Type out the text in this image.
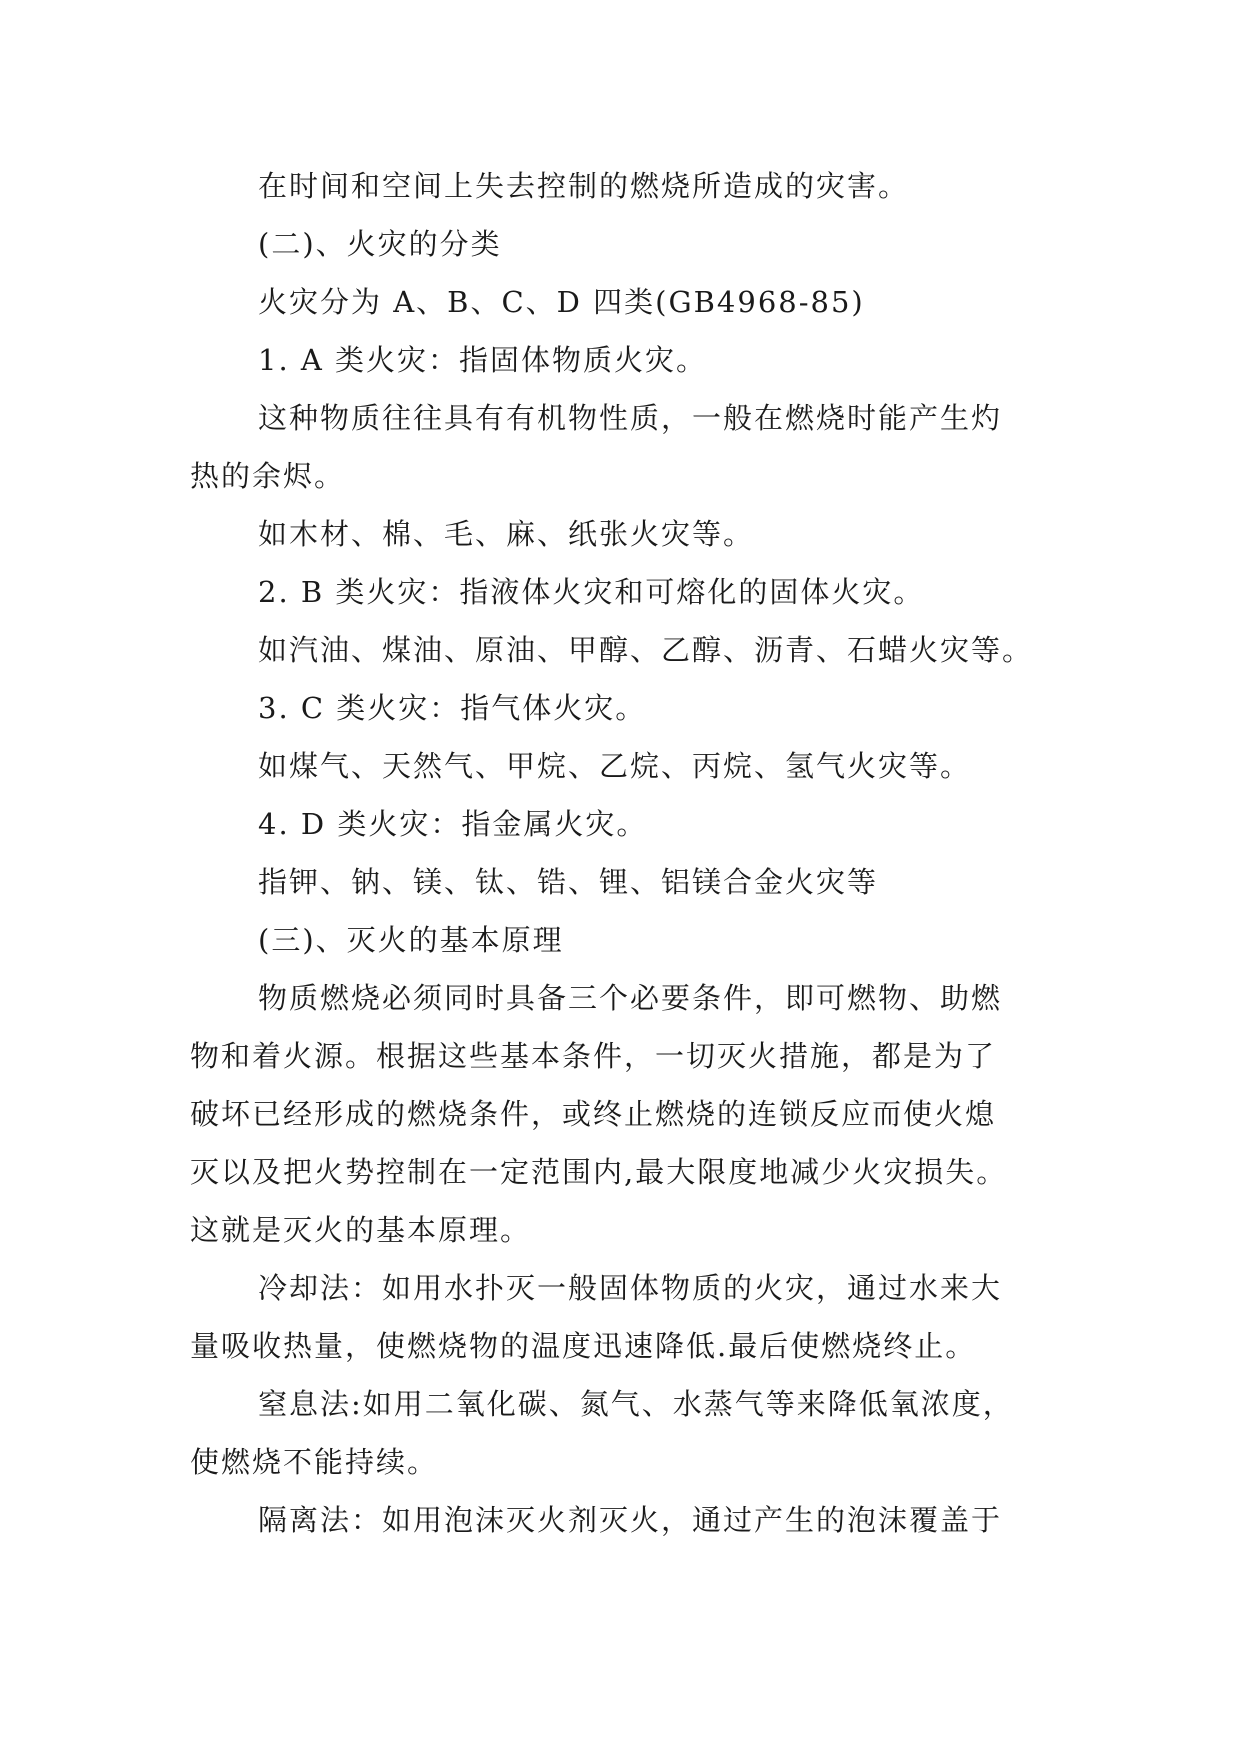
在时间和空间上失去控制的燃烧所造成的灾害。
(二)、火灾的分类
火灾分为 A、B、C、D 四类(GB4968-85)
1. A 类火灾：指固体物质火灾。
这种物质往往具有有机物性质，一般在燃烧时能产生灼
热的余烬。
如木材、棉、毛、麻、纸张火灾等。
2. B 类火灾：指液体火灾和可熔化的固体火灾。
如汽油、煤油、原油、甲醇、乙醇、沥青、石蜡火灾等。
3. C 类火灾：指气体火灾。
如煤气、天然气、甲烷、乙烷、丙烷、氢气火灾等。
4. D 类火灾：指金属火灾。
指钾、钠、镁、钛、锆、锂、铝镁合金火灾等
(三)、灭火的基本原理
物质燃烧必须同时具备三个必要条件，即可燃物、助燃
物和着火源。根据这些基本条件，一切灭火措施，都是为了
破坏已经形成的燃烧条件，或终止燃烧的连锁反应而使火熄
灭以及把火势控制在一定范围内,最大限度地减少火灾损失。
这就是灭火的基本原理。
冷却法：如用水扑灭一般固体物质的火灾，通过水来大
量吸收热量，使燃烧物的温度迅速降低.最后使燃烧终止。
窒息法:如用二氧化碳、氮气、水蒸气等来降低氧浓度，
使燃烧不能持续。
隔离法：如用泡沫灭火剂灭火，通过产生的泡沫覆盖于
